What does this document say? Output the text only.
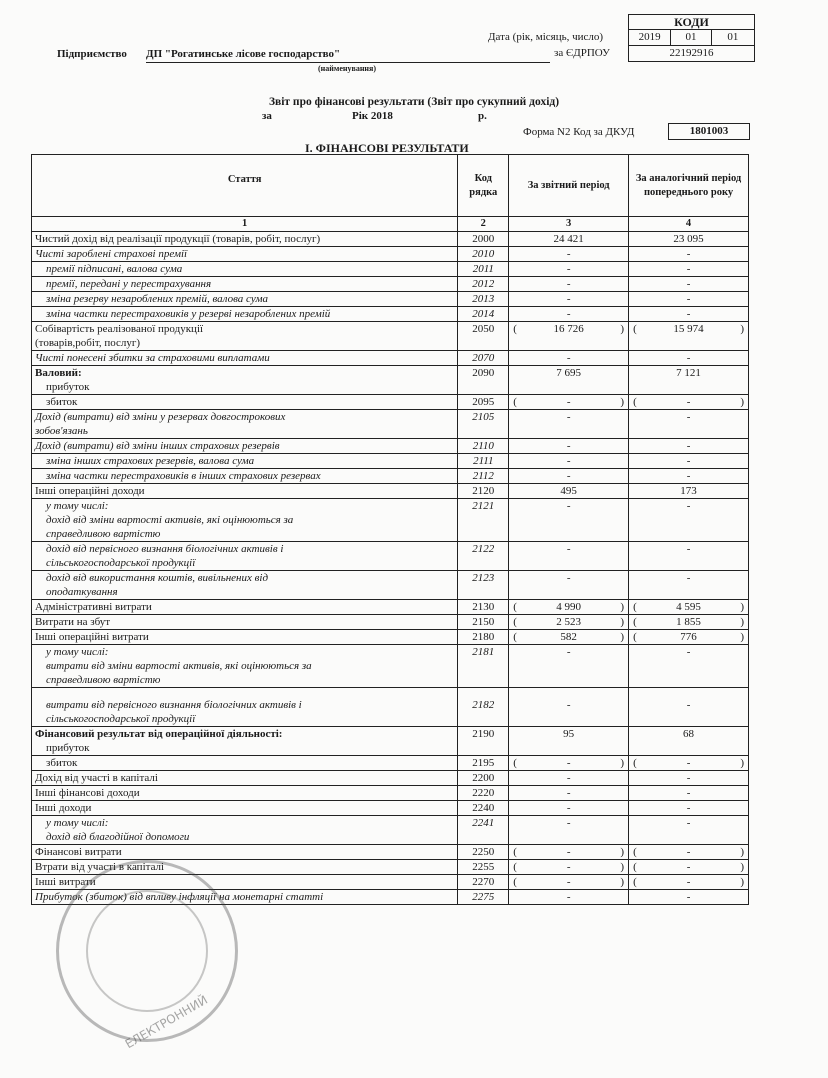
КОДИ
2019	01	01
22192916
Дата (рік, місяць, число)
за ЄДРПОУ
Підприємство ДП "Рогатинське лісове господарство"
(найменування)
Звіт про фінансові результати (Звіт про сукупний дохід)
за	Рік 2018	р.
Форма N2 Код за ДКУД	1801003
І. ФІНАНСОВІ РЕЗУЛЬТАТИ
Стаття	Код рядка	За звітний період	За аналогічний період попереднього року
1	2	3	4
Чистий дохід від реалізації продукції (товарів, робіт, послуг)	2000	24 421	23 095
Чисті зароблені страхові премії	2010	-	-
премії підписані, валова сума	2011	-	-
премії, передані у перестрахування	2012	-	-
зміна резерву незароблених премій, валова сума	2013	-	-
зміна частки перестраховиків у резерві незароблених премій	2014	-	-

Собівартість реалізованої продукції
(товарів,робіт, послуг)	2050	( 16 726 )	( 15 974 )
Чисті понесені збитки за страховими виплатами	2070	-	-

Валовий:
прибуток	2090	7 695	7 121
збиток	2095	( - )	( - )

Дохід (витрати) від зміни у резервах довгострокових
зобов'язань	2105	-	-
Дохід (витрати) від зміни інших страхових резервів	2110	-	-
зміна інших страхових резервів, валова сума	2111	-	-
зміна частки перестраховиків в інших страхових резервах	2112	-	-
Інші операційні доходи	2120	495	173

у тому числі:
дохід від зміни вартості активів, які оцінюються за
справедливою вартістю	2121	-	-

дохід від первісного визнання біологічних активів і
сільськогосподарської продукції	2122	-	-

дохід від використання коштів, вивільнених від
оподаткування	2123	-	-
Адміністративні витрати	2130	( 4 990 )	( 4 595 )
Витрати на збут	2150	( 2 523 )	( 1 855 )
Інші операційні витрати	2180	( 582 )	( 776 )

у тому числі:
витрати від зміни вартості активів, які оцінюються за
справедливою вартістю	2181	-	-

витрати від первісного визнання біологічних активів і
сільськогосподарської продукції	2182	-	-

Фінансовий результат від операційної діяльності:
прибуток	2190	95	68
збиток	2195	( - )	( - )
Дохід від участі в капіталі	2200	-	-
Інші фінансові доходи	2220	-	-
Інші доходи	2240	-	-

у тому числі:
дохід від благодійної допомоги	2241	-	-
Фінансові витрати	2250	( - )	( - )
Втрати від участі в капіталі	2255	( - )	( - )
Інші витрати	2270	( - )	( - )
Прибуток (збиток) від впливу інфляції на монетарні статті	2275	-	-
ЕЛЕКТРОННИЙ
